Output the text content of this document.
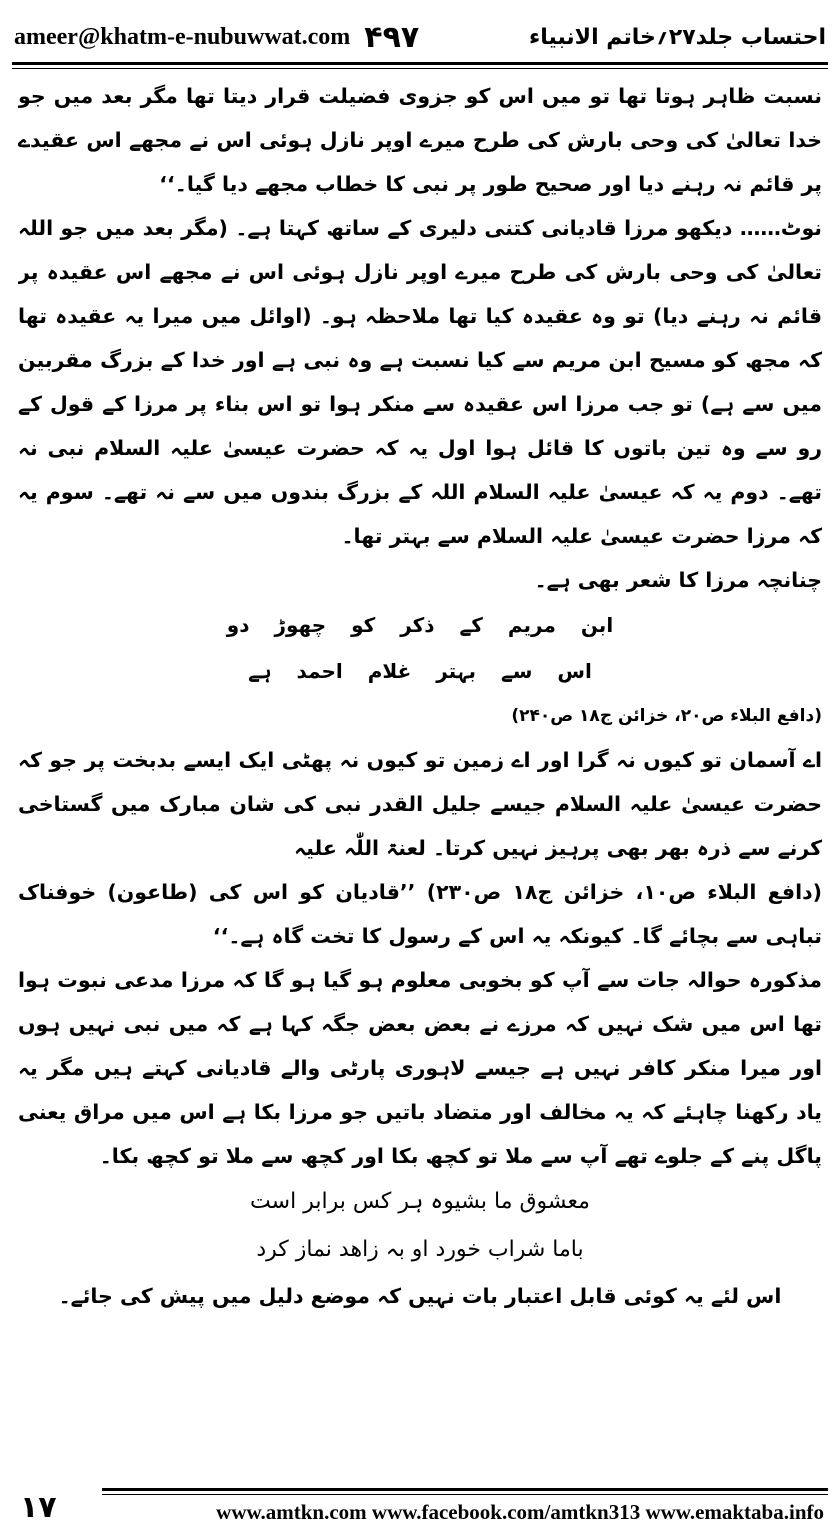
ameer@khatm-e-nubuwwat.com ۴۹۷	احتساب جلد۲۷؍خاتم الانبیاء

نسبت ظاہر ہوتا تھا تو میں اس کو جزوی فضیلت قرار دیتا تھا مگر بعد میں جو خدا تعالیٰ کی وحی بارش کی طرح میرے اوپر نازل ہوئی اس نے مجھے اس عقیدے پر قائم نہ رہنے دیا اور صحیح طور پر نبی کا خطاب مجھے دیا گیا۔‘‘

نوٹ…… دیکھو مرزا قادیانی کتنی دلیری کے ساتھ کہتا ہے۔ (مگر بعد میں جو اللہ تعالیٰ کی وحی بارش کی طرح میرے اوپر نازل ہوئی اس نے مجھے اس عقیدہ پر قائم نہ رہنے دیا) تو وہ عقیدہ کیا تھا ملاحظہ ہو۔ (اوائل میں میرا یہ عقیدہ تھا کہ مجھ کو مسیح ابن مریم سے کیا نسبت ہے وہ نبی ہے اور خدا کے بزرگ مقربین میں سے ہے) تو جب مرزا اس عقیدہ سے منکر ہوا تو اس بناء پر مرزا کے قول کے رو سے وہ تین باتوں کا قائل ہوا اول یہ کہ حضرت عیسیٰ علیہ السلام نبی نہ تھے۔ دوم یہ کہ عیسیٰ علیہ السلام اللہ کے بزرگ بندوں میں سے نہ تھے۔ سوم یہ کہ مرزا حضرت عیسیٰ علیہ السلام سے بہتر تھا۔

چنانچہ مرزا کا شعر بھی ہے۔

ابن مریم کے ذکر کو چھوڑ دو

اس سے بہتر غلام احمد ہے

(دافع البلاء ص۲۰، خزائن ج۱۸ ص۲۴۰)

اے آسمان تو کیوں نہ گرا اور اے زمین تو کیوں نہ پھٹی ایک ایسے بدبخت پر جو کہ حضرت عیسیٰ علیہ السلام جیسے جلیل القدر نبی کی شان مبارک میں گستاخی کرنے سے ذرہ بھر بھی پرہیز نہیں کرتا۔ لعنۃ اللّٰہ علیہ

(دافع البلاء ص۱۰، خزائن ج۱۸ ص۲۳۰) ’’قادیان کو اس کی (طاعون) خوفناک تباہی سے بچائے گا۔ کیونکہ یہ اس کے رسول کا تخت گاہ ہے۔‘‘

مذکورہ حوالہ جات سے آپ کو بخوبی معلوم ہو گیا ہو گا کہ مرزا مدعی نبوت ہوا تھا اس میں شک نہیں کہ مرزے نے بعض بعض جگہ کہا ہے کہ میں نبی نہیں ہوں اور میرا منکر کافر نہیں ہے جیسے لاہوری پارٹی والے قادیانی کہتے ہیں مگر یہ یاد رکھنا چاہئے کہ یہ مخالف اور متضاد باتیں جو مرزا بکا ہے اس میں مراق یعنی پاگل پنے کے جلوے تھے آپ سے ملا تو کچھ بکا اور کچھ سے ملا تو کچھ بکا۔

معشوق ما بشیوہ ہر کس برابر است

باما شراب خورد او بہ زاهد نماز کرد

اس لئے یہ کوئی قابل اعتبار بات نہیں کہ موضع دلیل میں پیش کی جائے۔

۱۷	www.amtkn.com www.facebook.com/amtkn313 www.emaktaba.info
